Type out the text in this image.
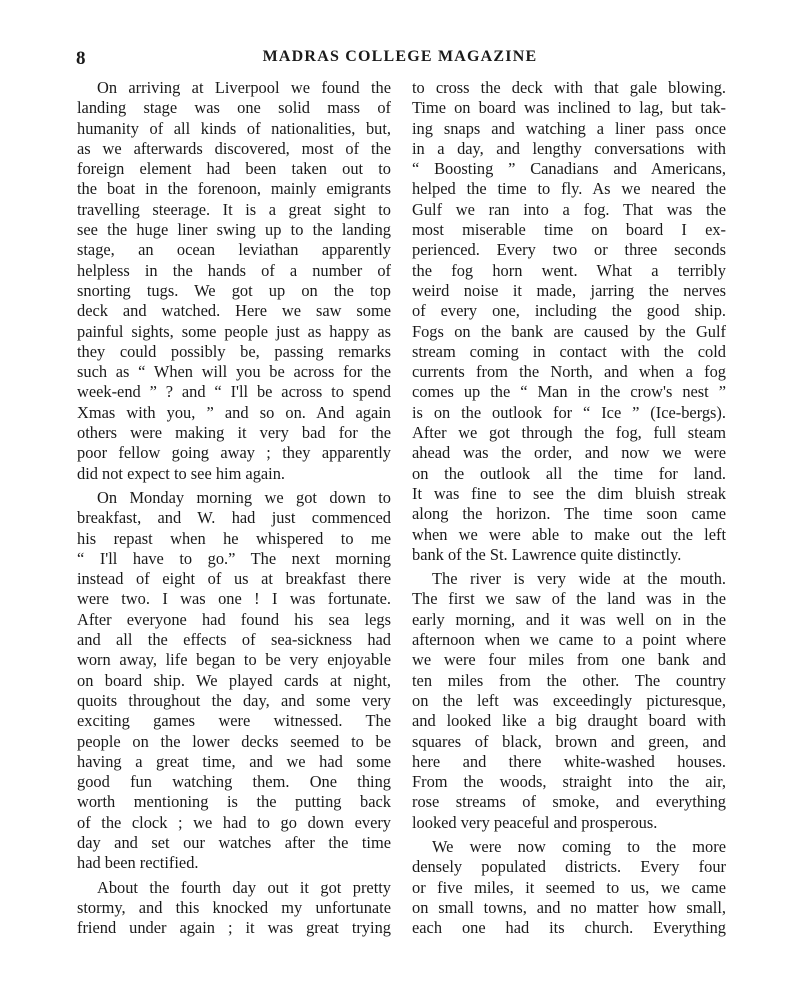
8	MADRAS COLLEGE MAGAZINE
On arriving at Liverpool we found the
landing stage was one solid mass of
humanity of all kinds of nationalities, but,
as we afterwards discovered, most of the
foreign element had been taken out to
the boat in the forenoon, mainly emigrants
travelling steerage. It is a great sight to
see the huge liner swing up to the landing
stage, an ocean leviathan apparently
helpless in the hands of a number of
snorting tugs. We got up on the top
deck and watched. Here we saw some
painful sights, some people just as happy as
they could possibly be, passing remarks
such as “ When will you be across for the
week-end ” ? and “ I'll be across to spend
Xmas with you, ” and so on. And again
others were making it very bad for the
poor fellow going away ; they apparently
did not expect to see him again.
On Monday morning we got down to
breakfast, and W. had just commenced
his repast when he whispered to me
“ I'll have to go.” The next morning
instead of eight of us at breakfast there
were two. I was one ! I was fortunate.
After everyone had found his sea legs
and all the effects of sea-sickness had
worn away, life began to be very enjoyable
on board ship. We played cards at night,
quoits throughout the day, and some very
exciting games were witnessed. The
people on the lower decks seemed to be
having a great time, and we had some
good fun watching them. One thing
worth mentioning is the putting back
of the clock ; we had to go down every
day and set our watches after the time
had been rectified.
About the fourth day out it got pretty
stormy, and this knocked my unfortunate
friend under again ; it was great trying
to cross the deck with that gale blowing.
Time on board was inclined to lag, but tak-
ing snaps and watching a liner pass once
in a day, and lengthy conversations with
“ Boosting ” Canadians and Americans,
helped the time to fly. As we neared the
Gulf we ran into a fog. That was the
most miserable time on board I ex-
perienced. Every two or three seconds
the fog horn went. What a terribly
weird noise it made, jarring the nerves
of every one, including the good ship.
Fogs on the bank are caused by the Gulf
stream coming in contact with the cold
currents from the North, and when a fog
comes up the “ Man in the crow's nest ”
is on the outlook for “ Ice ” (Ice-bergs).
After we got through the fog, full steam
ahead was the order, and now we were
on the outlook all the time for land.
It was fine to see the dim bluish streak
along the horizon. The time soon came
when we were able to make out the left
bank of the St. Lawrence quite distinctly.
The river is very wide at the mouth.
The first we saw of the land was in the
early morning, and it was well on in the
afternoon when we came to a point where
we were four miles from one bank and
ten miles from the other. The country
on the left was exceedingly picturesque,
and looked like a big draught board with
squares of black, brown and green, and
here and there white-washed houses.
From the woods, straight into the air,
rose streams of smoke, and everything
looked very peaceful and prosperous.
We were now coming to the more
densely populated districts. Every four
or five miles, it seemed to us, we came
on small towns, and no matter how small,
each one had its church. Everything
